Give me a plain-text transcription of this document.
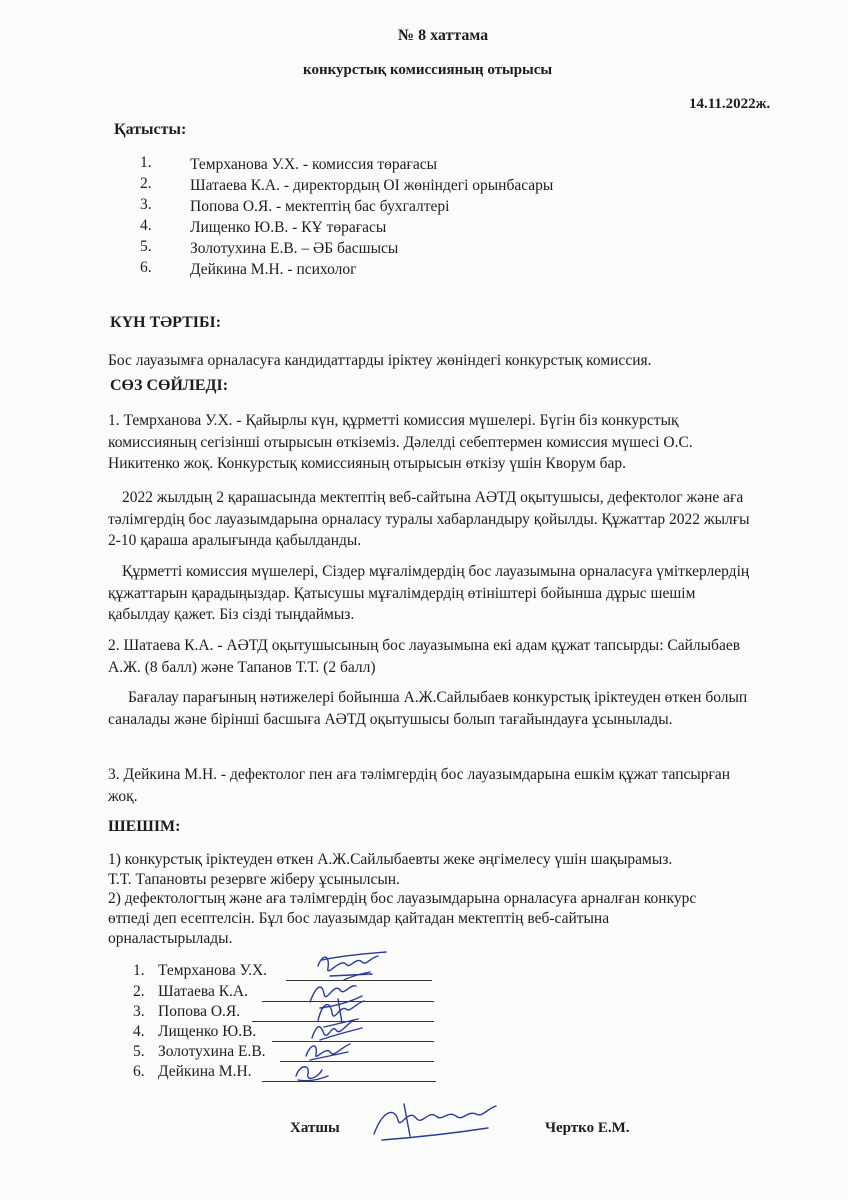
№ 8 хаттама
конкурстық комиссияның отырысы
14.11.2022ж.
Қатысты:
1. Темрханова У.Х. - комиссия төрағасы
2. Шатаева К.А. - директордың ОІ жөніндегі орынбасары
3. Попова О.Я. - мектептің бас бухгалтері
4. Лищенко Ю.В. - КҰ төрағасы
5. Золотухина Е.В. – ӘБ басшысы
6. Дейкина М.Н. - психолог
КҮН ТӘРТІБІ:
Бос лауазымға орналасуға кандидаттарды іріктеу жөніндегі конкурстық комиссия.
СӨЗ СӨЙЛЕДІ:
1. Темрханова У.Х. - Қайырлы күн, құрметті комиссия мүшелері. Бүгін біз конкурстық комиссияның сегізінші отырысын өткіземіз. Дәлелді себептермен комиссия мүшесі О.С. Никитенко жоқ. Конкурстық комиссияның отырысын өткізу үшін Кворум бар.
2022 жылдың 2 қарашасында мектептің веб-сайтына АӘТД оқытушысы, дефектолог және аға тәлімгердің бос лауазымдарына орналасу туралы хабарландыру қойылды. Құжаттар 2022 жылғы 2-10 қараша аралығында қабылданды.
Құрметті комиссия мүшелері, Сіздер мұғалімдердің бос лауазымына орналасуға үміткерлердің құжаттарын қарадыңыздар. Қатысушы мұғалімдердің өтініштері бойынша дұрыс шешім қабылдау қажет. Біз сізді тыңдаймыз.
2. Шатаева К.А. - АӘТД оқытушысының бос лауазымына екі адам құжат тапсырды: Сайлыбаев А.Ж. (8 балл) және Тапанов Т.Т. (2 балл)
Бағалау парағының нәтижелері бойынша А.Ж.Сайлыбаев конкурстық іріктеуден өткен болып саналады және бірінші басшыға АӘТД оқытушысы болып тағайындауға ұсынылады.
3. Дейкина М.Н. - дефектолог пен аға тәлімгердің бос лауазымдарына ешкім құжат тапсырған жоқ.
ШЕШІМ:
1) конкурстық іріктеуден өткен А.Ж.Сайлыбаевты жеке әңгімелесу үшін шақырамыз.
Т.Т. Тапановты резервге жіберу ұсынылсын.
2) дефектологтың және аға тәлімгердің бос лауазымдарына орналасуға арналған конкурс
өтпеді деп есептелсін. Бұл бос лауазымдар қайтадан мектептің веб-сайтына
орналастырылады.
1. Темрханова У.Х.
2. Шатаева К.А.
3. Попова О.Я.
4. Лищенко Ю.В.
5. Золотухина Е.В.
6. Дейкина М.Н.
Хатшы	Чертко Е.М.
